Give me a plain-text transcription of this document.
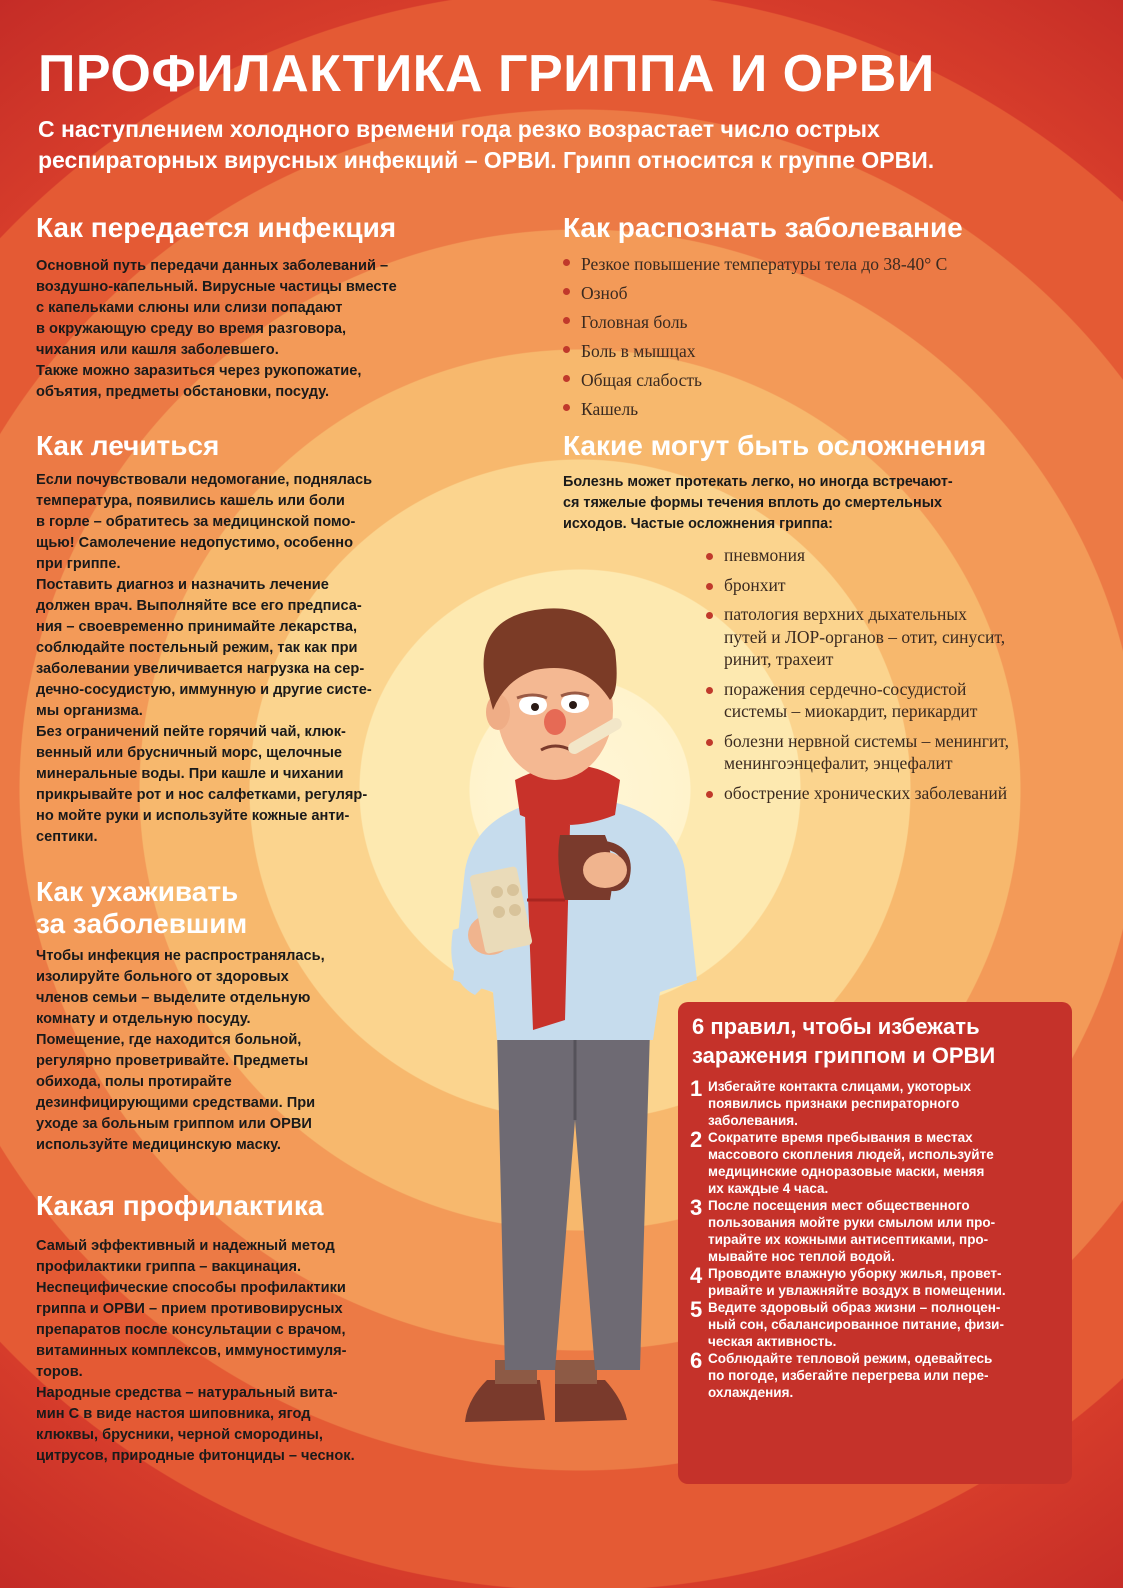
ПРОФИЛАКТИКА ГРИППА И ОРВИ
С наступлением холодного времени года резко возрастает число острых
респираторных вирусных инфекций – ОРВИ. Грипп относится к группе ОРВИ.
Как передается инфекция

Основной путь передачи данных заболеваний –

воздушно-капельный. Вирусные частицы вместе

с капельками слюны или слизи попадают

в окружающую среду во время разговора,

чихания или кашля заболевшего.

Также можно заразиться через рукопожатие,

объятия, предметы обстановки, посуду.

Как лечиться

Если почувствовали недомогание, поднялась

температура, появились кашель или боли

в горле – обратитесь за медицинской помо-

щью! Самолечение недопустимо, особенно

при гриппе.

Поставить диагноз и назначить лечение

должен врач. Выполняйте все его предписа-

ния – своевременно принимайте лекарства,

соблюдайте постельный режим, так как при

заболевании увеличивается нагрузка на сер-

дечно-сосудистую, иммунную и другие систе-

мы организма.

Без ограничений пейте горячий чай, клюк-

венный или брусничный морс, щелочные

минеральные воды. При кашле и чихании

прикрывайте рот и нос салфетками, регуляр-

но мойте руки и используйте кожные анти-

септики.

Как ухаживать
за заболевшим

Чтобы инфекция не распространялась,

изолируйте больного от здоровых

членов семьи – выделите отдельную

комнату и отдельную посуду.

Помещение, где находится больной,

регулярно проветривайте. Предметы

обихода, полы протирайте

дезинфицирующими средствами. При

уходе за больным гриппом или ОРВИ

используйте медицинскую маску.

Какая профилактика

Самый эффективный и надежный метод

профилактики гриппа – вакцинация.

Неспецифические способы профилактики

гриппа и ОРВИ – прием противовирусных

препаратов после консультации с врачом,

витаминных комплексов, иммуностимуля-

торов.

Народные средства – натуральный вита-

мин С в виде настоя шиповника, ягод

клюквы, брусники, черной смородины,

цитрусов, природные фитонциды – чеснок.

Как распознать заболевание
Резкое повышение температуры тела до 38-40° С
Озноб
Головная боль
Боль в мышцах
Общая слабость
Кашель
Какие могут быть осложнения

Болезнь может протекать легко, но иногда встречают-

ся тяжелые формы течения вплоть до смертельных

исходов. Частые осложнения гриппа:

пневмония
бронхит
патология верхних дыхательных
путей и ЛОР-органов – отит, синусит,
ринит, трахеит
поражения сердечно-сосудистой
системы – миокардит, перикардит
болезни нервной системы – менингит,
менингоэнцефалит, энцефалит
обострение хронических заболеваний
6 правил, чтобы избежать
заражения гриппом и ОРВИ
1 Избегайте контакта слицами, укоторых
появились признаки респираторного
заболевания.
2 Сократите время пребывания в местах
массового скопления людей, используйте
медицинские одноразовые маски, меняя
их каждые 4 часа.
3 После посещения мест общественного
пользования мойте руки смылом или про-
тирайте их кожными антисептиками, про-
мывайте нос теплой водой.
4 Проводите влажную уборку жилья, провет-
ривайте и увлажняйте воздух в помещении.
5 Ведите здоровый образ жизни – полноцен-
ный сон, сбалансированное питание, физи-
ческая активность.
6 Соблюдайте тепловой режим, одевайтесь
по погоде, избегайте перегрева или пере-
охлаждения.
